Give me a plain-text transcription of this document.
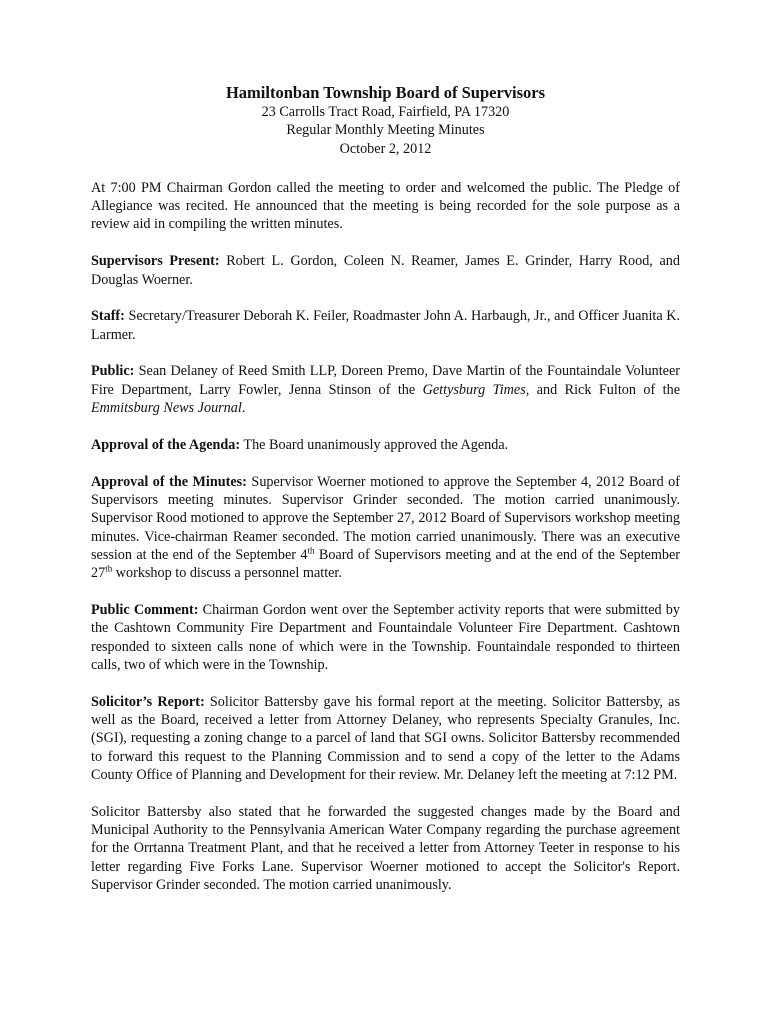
Hamiltonban Township Board of Supervisors

23 Carrolls Tract Road, Fairfield, PA 17320

Regular Monthly Meeting Minutes

October 2, 2012

At 7:00 PM Chairman Gordon called the meeting to order and welcomed the public. The Pledge of Allegiance was recited. He announced that the meeting is being recorded for the sole purpose as a review aid in compiling the written minutes.

Supervisors Present: Robert L. Gordon, Coleen N. Reamer, James E. Grinder, Harry Rood, and Douglas Woerner.

Staff: Secretary/Treasurer Deborah K. Feiler, Roadmaster John A. Harbaugh, Jr., and Officer Juanita K. Larmer.

Public: Sean Delaney of Reed Smith LLP, Doreen Premo, Dave Martin of the Fountaindale Volunteer Fire Department, Larry Fowler, Jenna Stinson of the Gettysburg Times, and Rick Fulton of the Emmitsburg News Journal.

Approval of the Agenda: The Board unanimously approved the Agenda.

Approval of the Minutes: Supervisor Woerner motioned to approve the September 4, 2012 Board of Supervisors meeting minutes. Supervisor Grinder seconded. The motion carried unanimously. Supervisor Rood motioned to approve the September 27, 2012 Board of Supervisors workshop meeting minutes. Vice-chairman Reamer seconded. The motion carried unanimously. There was an executive session at the end of the September 4th Board of Supervisors meeting and at the end of the September 27th workshop to discuss a personnel matter.

Public Comment: Chairman Gordon went over the September activity reports that were submitted by the Cashtown Community Fire Department and Fountaindale Volunteer Fire Department. Cashtown responded to sixteen calls none of which were in the Township. Fountaindale responded to thirteen calls, two of which were in the Township.

Solicitor’s Report: Solicitor Battersby gave his formal report at the meeting. Solicitor Battersby, as well as the Board, received a letter from Attorney Delaney, who represents Specialty Granules, Inc. (SGI), requesting a zoning change to a parcel of land that SGI owns. Solicitor Battersby recommended to forward this request to the Planning Commission and to send a copy of the letter to the Adams County Office of Planning and Development for their review. Mr. Delaney left the meeting at 7:12 PM.

Solicitor Battersby also stated that he forwarded the suggested changes made by the Board and Municipal Authority to the Pennsylvania American Water Company regarding the purchase agreement for the Orrtanna Treatment Plant, and that he received a letter from Attorney Teeter in response to his letter regarding Five Forks Lane. Supervisor Woerner motioned to accept the Solicitor's Report. Supervisor Grinder seconded. The motion carried unanimously.
